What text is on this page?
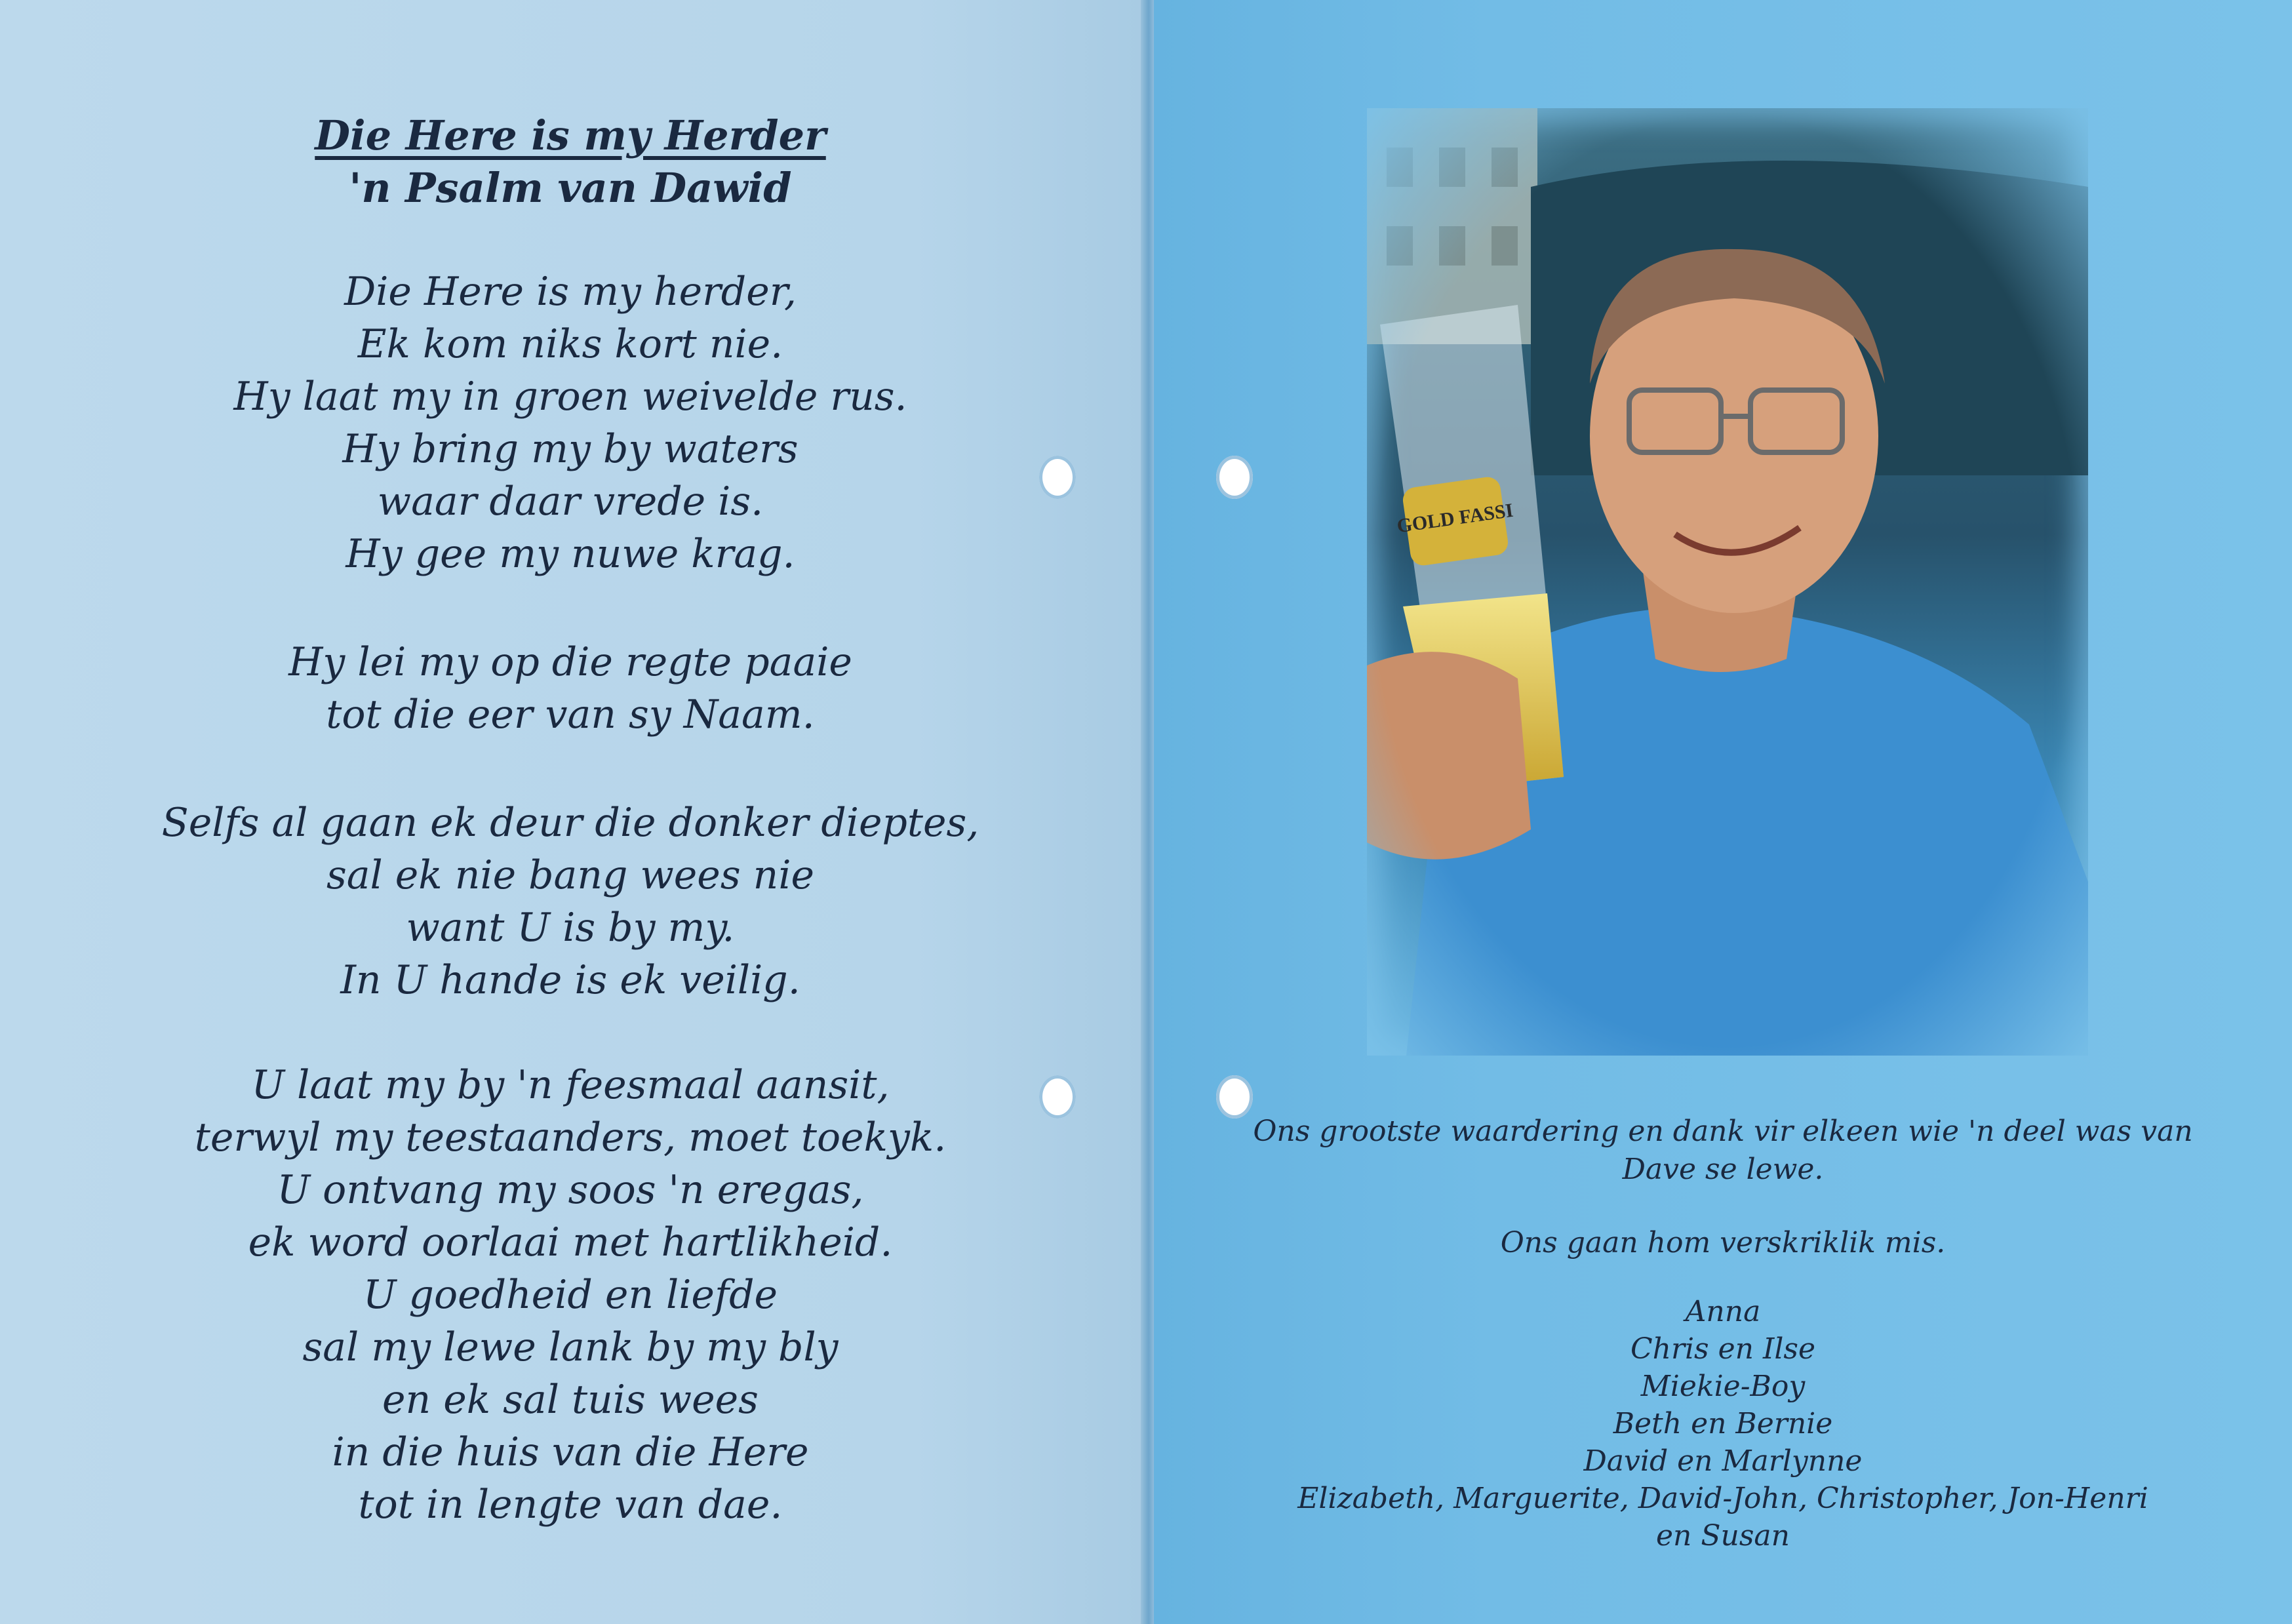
Die Here is my Herder
'n Psalm van Dawid
Die Here is my herder,
Ek kom niks kort nie.
Hy laat my in groen weivelde rus.
Hy bring my by waters
waar daar vrede is.
Hy gee my nuwe krag.
Hy lei my op die regte paaie
tot die eer van sy Naam.
Selfs al gaan ek deur die donker dieptes,
sal ek nie bang wees nie
want U is by my.
In U hande is ek veilig.
U laat my by 'n feesmaal aansit,
terwyl my teestaanders, moet toekyk.
U ontvang my soos 'n eregas,
ek word oorlaai met hartlikheid.
U goedheid en liefde
sal my lewe lank by my bly
en ek sal tuis wees
in die huis van die Here
tot in lengte van dae.
Ons grootste waardering en dank vir elkeen wie 'n deel was van
Dave se lewe.
Ons gaan hom verskriklik mis.
Anna
Chris en Ilse
Miekie-Boy
Beth en Bernie
David en Marlynne
Elizabeth, Marguerite, David-John, Christopher, Jon-Henri
en Susan
